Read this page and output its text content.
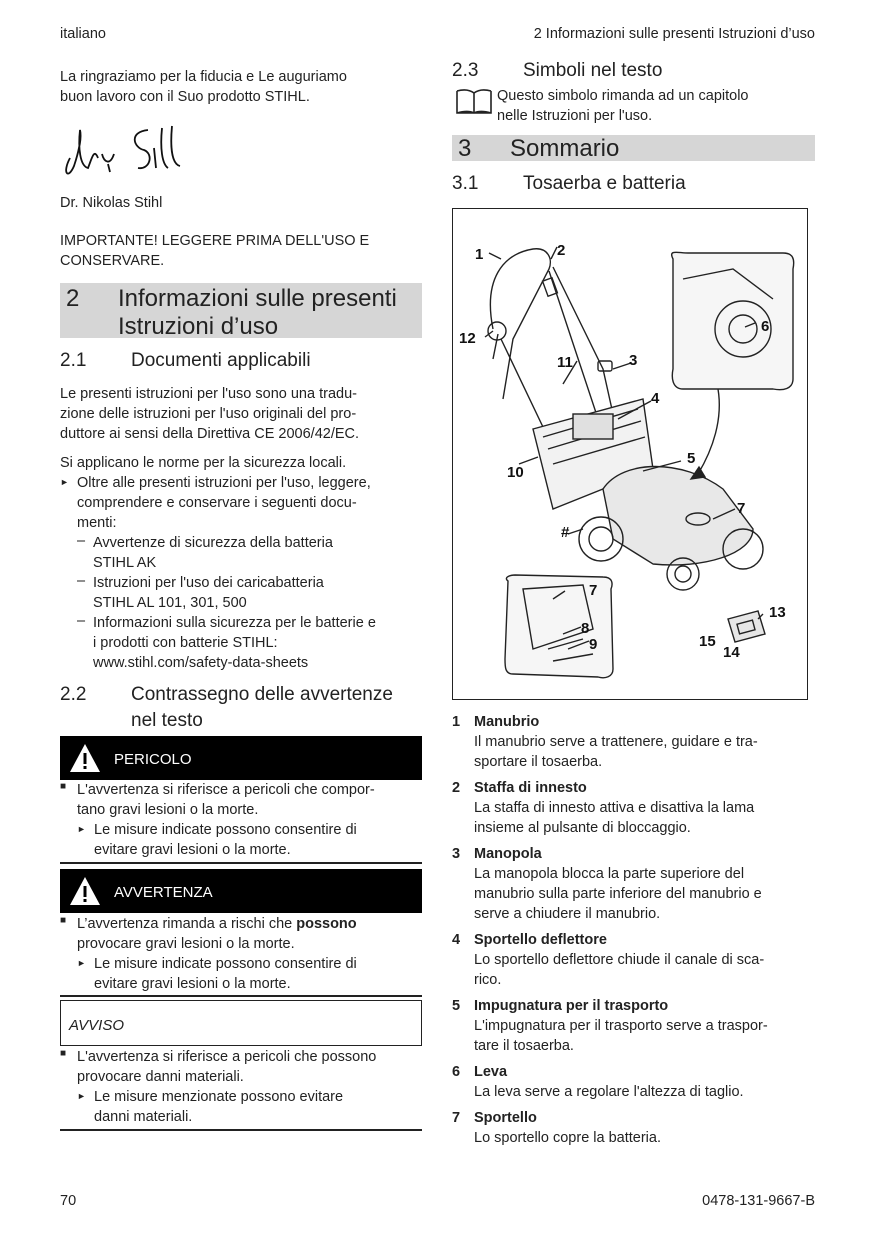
italiano	2 Informazioni sulle presenti Istruzioni d’uso

La ringraziamo per la fiducia e Le auguriamo

buon lavoro con il Suo prodotto STIHL.

Dr. Nikolas Stihl

IMPORTANTE! LEGGERE PRIMA DELL'USO E

CONSERVARE.

2 Informazioni sulle presenti
Istruzioni d’uso
2.1 Documenti applicabili

Le presenti istruzioni per l'uso sono una tradu-

zione delle istruzioni per l'uso originali del pro-

duttore ai sensi della Direttiva CE 2006/42/EC.

Si applicano le norme per la sicurezza locali.

► Oltre alle presenti istruzioni per l'uso, leggere,

comprendere e conservare i seguenti docu-

menti:

– Avvertenze di sicurezza della batteria

STIHL AK

– Istruzioni per l'uso dei caricabatteria

STIHL AL 101, 301, 500

– Informazioni sulla sicurezza per le batterie e

i prodotti con batterie STIHL:

www.stihl.com/safety-data-sheets

2.2 Contrassegno delle avvertenze
nel testo
PERICOLO
■ L'avvertenza si riferisce a pericoli che compor-

tano gravi lesioni o la morte.

► Le misure indicate possono consentire di

evitare gravi lesioni o la morte.

AVVERTENZA
■ L’avvertenza rimanda a rischi che possono

provocare gravi lesioni o la morte.

► Le misure indicate possono consentire di

evitare gravi lesioni o la morte.

AVVISO
■ L'avvertenza si riferisce a pericoli che possono

provocare danni materiali.

► Le misure menzionate possono evitare

danni materiali.

2.3 Simboli nel testo

Questo simbolo rimanda ad un capitolo

nelle Istruzioni per l'uso.

3 Sommario
3.1 Tosaerba e batteria
1	2
3
4
5
6
7
7
8
9
10
11
12
13
14
15
#
1 Manubrio
Il manubrio serve a trattenere, guidare e tra-
sportare il tosaerba.
2 Staffa di innesto
La staffa di innesto attiva e disattiva la lama
insieme al pulsante di bloccaggio.
3 Manopola
La manopola blocca la parte superiore del
manubrio sulla parte inferiore del manubrio e
serve a chiudere il manubrio.
4 Sportello deflettore
Lo sportello deflettore chiude il canale di sca-
rico.
5 Impugnatura per il trasporto
L'impugnatura per il trasporto serve a traspor-
tare il tosaerba.
6 Leva
La leva serve a regolare l'altezza di taglio.
7 Sportello
Lo sportello copre la batteria.
70	0478-131-9667-B
